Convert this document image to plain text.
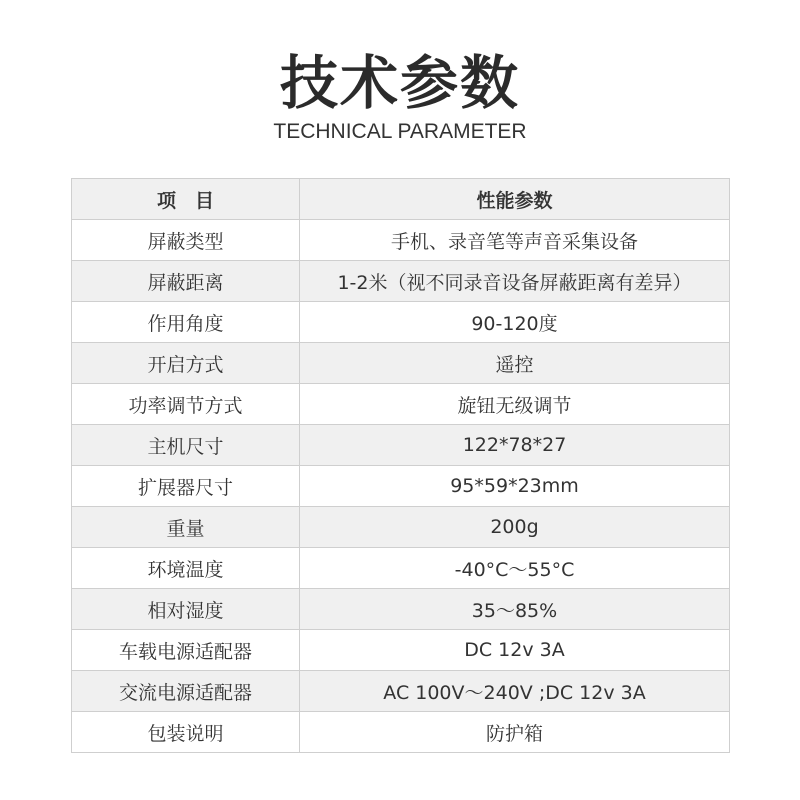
技术参数
TECHNICAL PARAMETER
项　目	性能参数
屏蔽类型	手机、录音笔等声音采集设备
屏蔽距离	1-2米（视不同录音设备屏蔽距离有差异）
作用角度	90-120度
开启方式	遥控
功率调节方式	旋钮无级调节
主机尺寸	122*78*27
扩展器尺寸	95*59*23mm
重量	200g
环境温度	-40°C～55°C
相对湿度	35～85%
车载电源适配器	DC 12v 3A
交流电源适配器	AC 100V～240V ;DC 12v 3A
包装说明	防护箱
